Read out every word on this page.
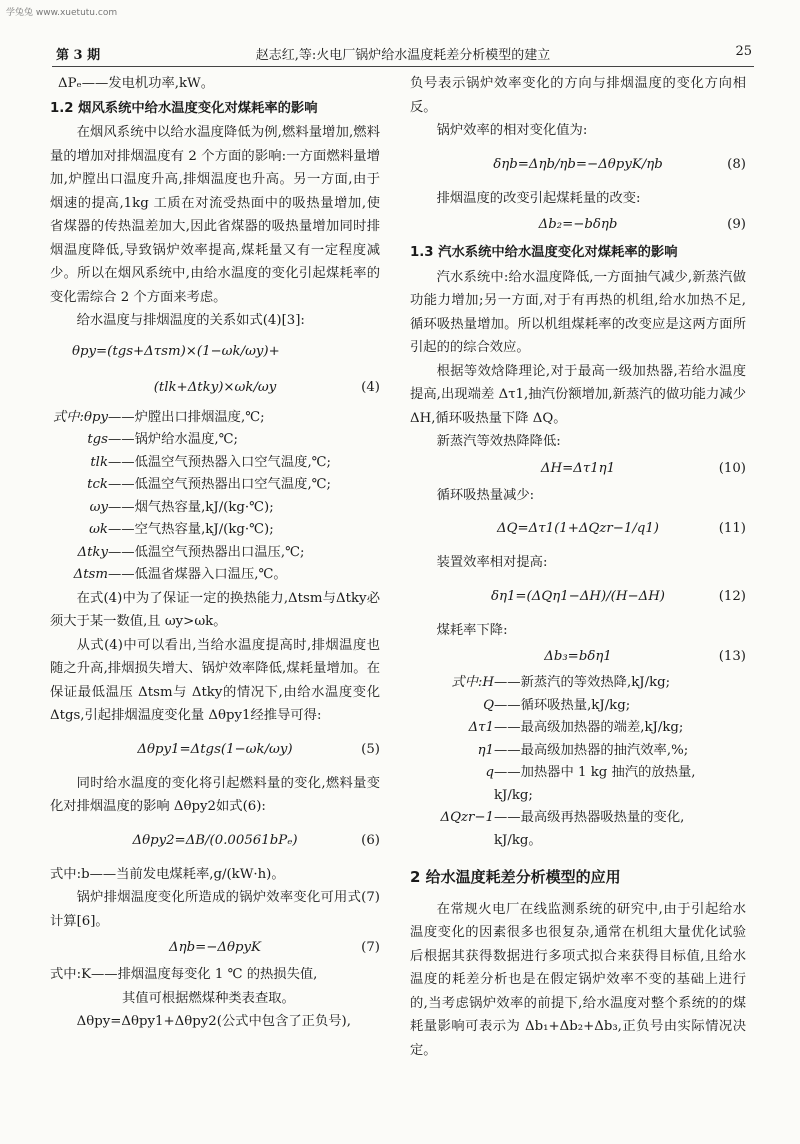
学兔兔 www.xuetutu.com
第 3 期	赵志红,等:火电厂锅炉给水温度耗差分析模型的建立	25

ΔPₑ——发电机功率,kW。

1.2 烟风系统中给水温度变化对煤耗率的影响

在烟风系统中以给水温度降低为例,燃料量增加,燃料量的增加对排烟温度有 2 个方面的影响:一方面燃料量增加,炉膛出口温度升高,排烟温度也升高。另一方面,由于烟速的提高,1kg 工质在对流受热面中的吸热量增加,使省煤器的传热温差加大,因此省煤器的吸热量增加同时排烟温度降低,导致锅炉效率提高,煤耗量又有一定程度减少。所以在烟风系统中,由给水温度的变化引起煤耗率的变化需综合 2 个方面来考虑。

给水温度与排烟温度的关系如式(4)[3]:

θpy=(tgs+Δτsm)×(1−ωk/ωy)+
(tlk+Δtky)×ωk/ωy	(4)
式中:θpy ——炉膛出口排烟温度,℃;
tgs ——锅炉给水温度,℃;
tlk ——低温空气预热器入口空气温度,℃;
tck ——低温空气预热器出口空气温度,℃;
ωy ——烟气热容量,kJ/(kg·℃);
ωk ——空气热容量,kJ/(kg·℃);
Δtky ——低温空气预热器出口温压,℃;
Δtsm ——低温省煤器入口温压,℃。

在式(4)中为了保证一定的换热能力,Δtsm与Δtky必须大于某一数值,且 ωy>ωk。

从式(4)中可以看出,当给水温度提高时,排烟温度也随之升高,排烟损失增大、锅炉效率降低,煤耗量增加。在保证最低温压 Δtsm与 Δtky的情况下,由给水温度变化 Δtgs,引起排烟温度变化量 Δθpy1经推导可得:

Δθpy1=Δtgs(1−ωk/ωy)	(5)

同时给水温度的变化将引起燃料量的变化,燃料量变化对排烟温度的影响 Δθpy2如式(6):

Δθpy2=ΔB/(0.00561bPₑ)	(6)

式中:b——当前发电煤耗率,g/(kW·h)。

锅炉排烟温度变化所造成的锅炉效率变化可用式(7)计算[6]。

Δηb=−ΔθpyK	(7)

式中:K——排烟温度每变化 1 ℃ 的热损失值,

其值可根据燃煤种类表查取。

Δθpy=Δθpy1+Δθpy2(公式中包含了正负号),

负号表示锅炉效率变化的方向与排烟温度的变化方向相反。

锅炉效率的相对变化值为:

δηb=Δηb/ηb=−ΔθpyK/ηb	(8)

排烟温度的改变引起煤耗量的改变:

Δb₂=−bδηb	(9)
1.3 汽水系统中给水温度变化对煤耗率的影响

汽水系统中:给水温度降低,一方面抽气减少,新蒸汽做功能力增加;另一方面,对于有再热的机组,给水加热不足,循环吸热量增加。所以机组煤耗率的改变应是这两方面所引起的的综合效应。

根据等效焓降理论,对于最高一级加热器,若给水温度提高,出现端差 Δτ1,抽汽份额增加,新蒸汽的做功能力减少 ΔH,循环吸热量下降 ΔQ。

新蒸汽等效热降降低:

ΔH=Δτ1η1	(10)

循环吸热量减少:

ΔQ=Δτ1(1+ΔQzr−1/q1)	(11)

装置效率相对提高:

δη1=(ΔQη1−ΔH)/(H−ΔH)	(12)

煤耗率下降:

Δb₃=bδη1	(13)
式中:H ——新蒸汽的等效热降,kJ/kg;
Q ——循环吸热量,kJ/kg;
Δτ1 ——最高级加热器的端差,kJ/kg;
η1 ——最高级加热器的抽汽效率,%;
q ——加热器中 1 kg 抽汽的放热量,
kJ/kg;
ΔQzr−1 ——最高级再热器吸热量的变化,
kJ/kg。
2 给水温度耗差分析模型的应用

在常规火电厂在线监测系统的研究中,由于引起给水温度变化的因素很多也很复杂,通常在机组大量优化试验后根据其获得数据进行多项式拟合来获得目标值,且给水温度的耗差分析也是在假定锅炉效率不变的基础上进行的,当考虑锅炉效率的前提下,给水温度对整个系统的的煤耗量影响可表示为 Δb₁+Δb₂+Δb₃,正负号由实际情况决定。
